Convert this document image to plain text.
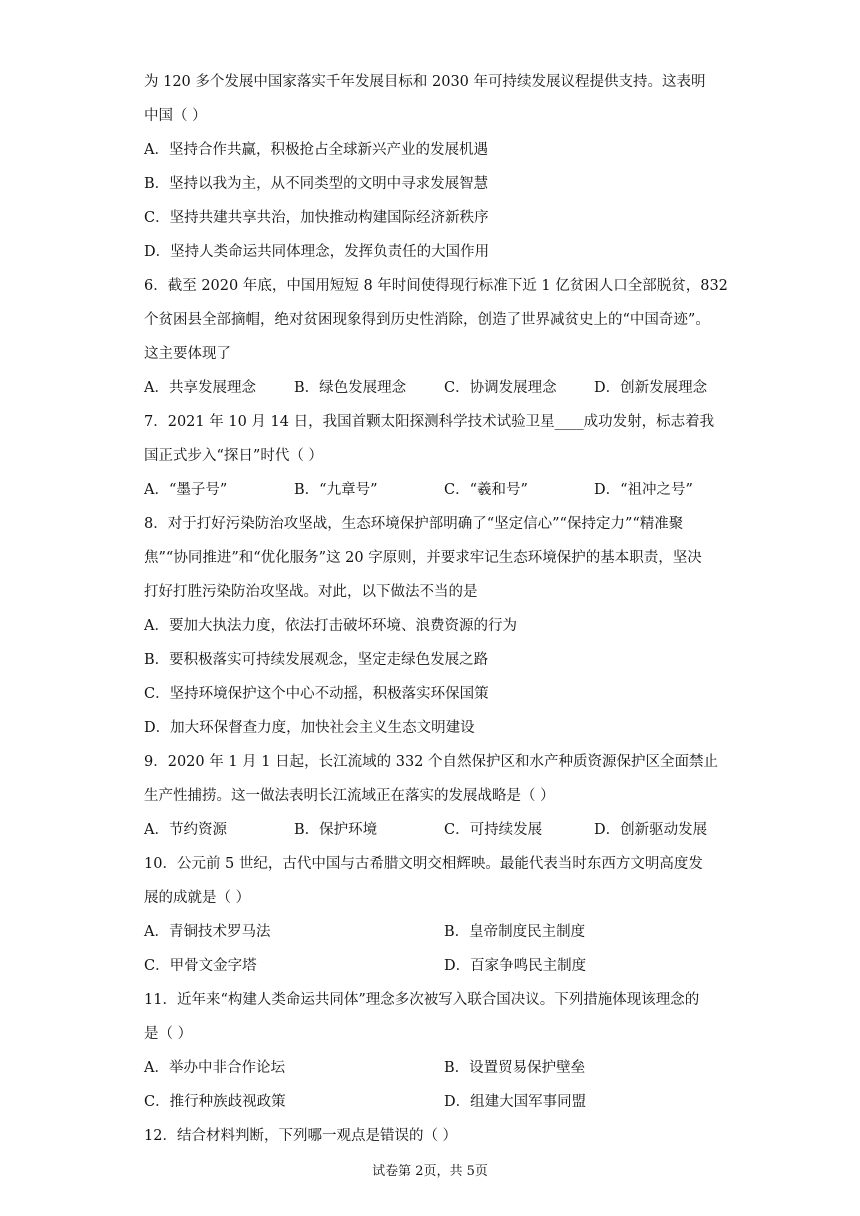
为 120 多个发展中国家落实千年发展目标和 2030 年可持续发展议程提供支持。这表明
中国（ ）
A．坚持合作共赢，积极抢占全球新兴产业的发展机遇
B．坚持以我为主，从不同类型的文明中寻求发展智慧
C．坚持共建共享共治，加快推动构建国际经济新秩序
D．坚持人类命运共同体理念，发挥负责任的大国作用
6．截至 2020 年底，中国用短短 8 年时间使得现行标准下近 1 亿贫困人口全部脱贫，832
个贫困县全部摘帽，绝对贫困现象得到历史性消除，创造了世界减贫史上的“中国奇迹”。
这主要体现了
A．共享发展理念	B．绿色发展理念	C．协调发展理念	D．创新发展理念
7．2021 年 10 月 14 日，我国首颗太阳探测科学技术试验卫星____成功发射，标志着我
国正式步入“探日”时代（ ）
A．“墨子号”	B．“九章号”	C．“羲和号”	D．“祖冲之号”
8．对于打好污染防治攻坚战，生态环境保护部明确了“坚定信心”“保持定力”“精准聚
焦”“协同推进”和“优化服务”这 20 字原则，并要求牢记生态环境保护的基本职责，坚决
打好打胜污染防治攻坚战。对此，以下做法不当的是
A．要加大执法力度，依法打击破坏环境、浪费资源的行为
B．要积极落实可持续发展观念，坚定走绿色发展之路
C．坚持环境保护这个中心不动摇，积极落实环保国策
D．加大环保督查力度，加快社会主义生态文明建设
9．2020 年 1 月 1 日起，长江流域的 332 个自然保护区和水产种质资源保护区全面禁止
生产性捕捞。这一做法表明长江流域正在落实的发展战略是（ ）
A．节约资源	B．保护环境	C．可持续发展	D．创新驱动发展
10．公元前 5 世纪，古代中国与古希腊文明交相辉映。最能代表当时东西方文明高度发
展的成就是（ ）
A．青铜技术罗马法	B．皇帝制度民主制度
C．甲骨文金字塔	D．百家争鸣民主制度
11．近年来“构建人类命运共同体”理念多次被写入联合国决议。下列措施体现该理念的
是（ ）
A．举办中非合作论坛	B．设置贸易保护壁垒
C．推行种族歧视政策	D．组建大国军事同盟
12．结合材料判断，下列哪一观点是错误的（ ）
试卷第 2页，共 5页
